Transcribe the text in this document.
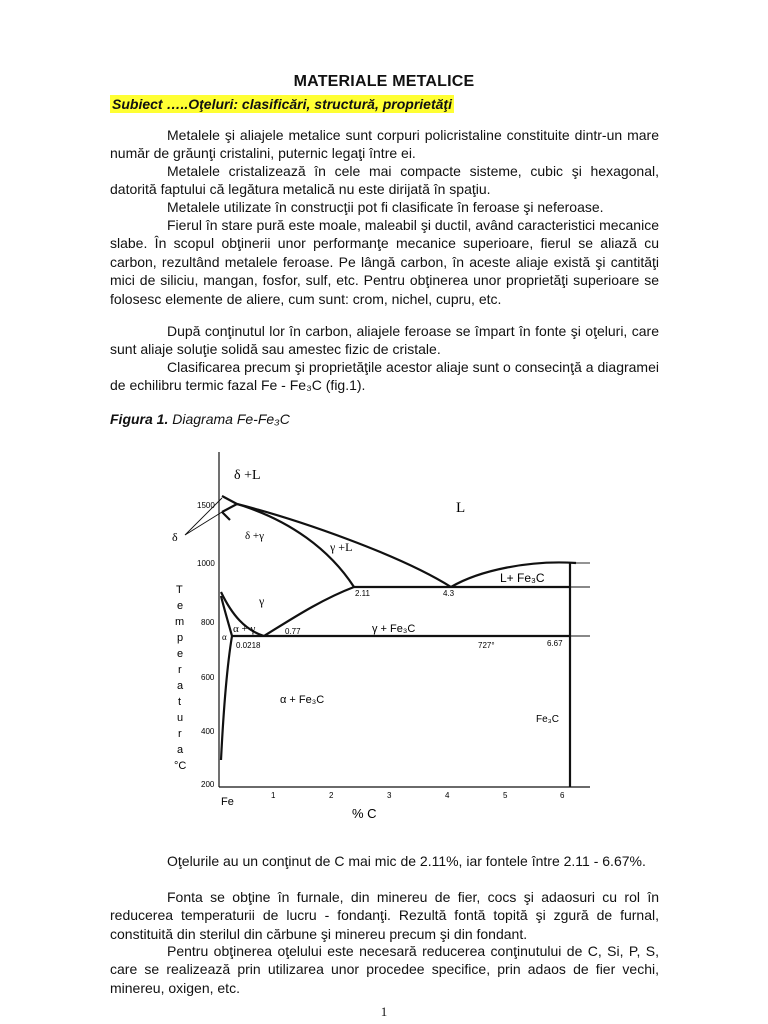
MATERIALE METALICE
Subiect …..Oţeluri: clasificări, structură, proprietăţi

Metalele şi aliajele metalice sunt corpuri policristaline constituite dintr-un mare număr de grăunţi cristalini, puternic legaţi între ei.

Metalele cristalizează în cele mai compacte sisteme, cubic şi hexagonal, datorită faptului că legătura metalică nu este dirijată în spaţiu.

Metalele utilizate în construcţii pot fi clasificate în feroase şi neferoase.

Fierul în stare pură este moale, maleabil şi ductil, având caracteristici mecanice slabe. În scopul obţinerii unor performanţe mecanice superioare, fierul se aliază cu carbon, rezultând metalele feroase. Pe lângă carbon, în aceste aliaje există şi cantităţi mici de siliciu, mangan, fosfor, sulf, etc. Pentru obţinerea unor proprietăţi superioare se folosesc elemente de aliere, cum sunt: crom, nichel, cupru, etc.

După conţinutul lor în carbon, aliajele feroase se împart în fonte şi oţeluri, care sunt aliaje soluţie solidă sau amestec fizic de cristale.

Clasificarea precum şi proprietăţile acestor aliaje sunt o consecinţă a diagramei de echilibru termic fazal Fe - Fe₃C (fig.1).

Figura 1. Diagrama Fe-Fe₃C
1500
1000
800
600
400
200
T
e
m
p
e
r
a
t
u
r
a
°C
Fe
1	2	3	4	5	6
% C
δ +L
L
δ +γ
γ +L
L+ Fe₃C
γ
α + γ	γ + Fe₃C
α + Fe₃C
Fe₃C
δ
α
2.11	4.3
0.77
0.0218	727°	6.67

Oţelurile au un conţinut de C mai mic de 2.11%, iar fontele între 2.11 - 6.67%.

Fonta se obţine în furnale, din minereu de fier, cocs şi adaosuri cu rol în reducerea temperaturii de lucru - fondanţi. Rezultă fontă topită şi zgură de furnal, constituită din sterilul din cărbune şi minereu precum şi din fondant.

Pentru obţinerea oţelului este necesară reducerea conţinutului de C, Si, P, S, care se realizează prin utilizarea unor procedee specifice, prin adaos de fier vechi, minereu, oxigen, etc.

1
